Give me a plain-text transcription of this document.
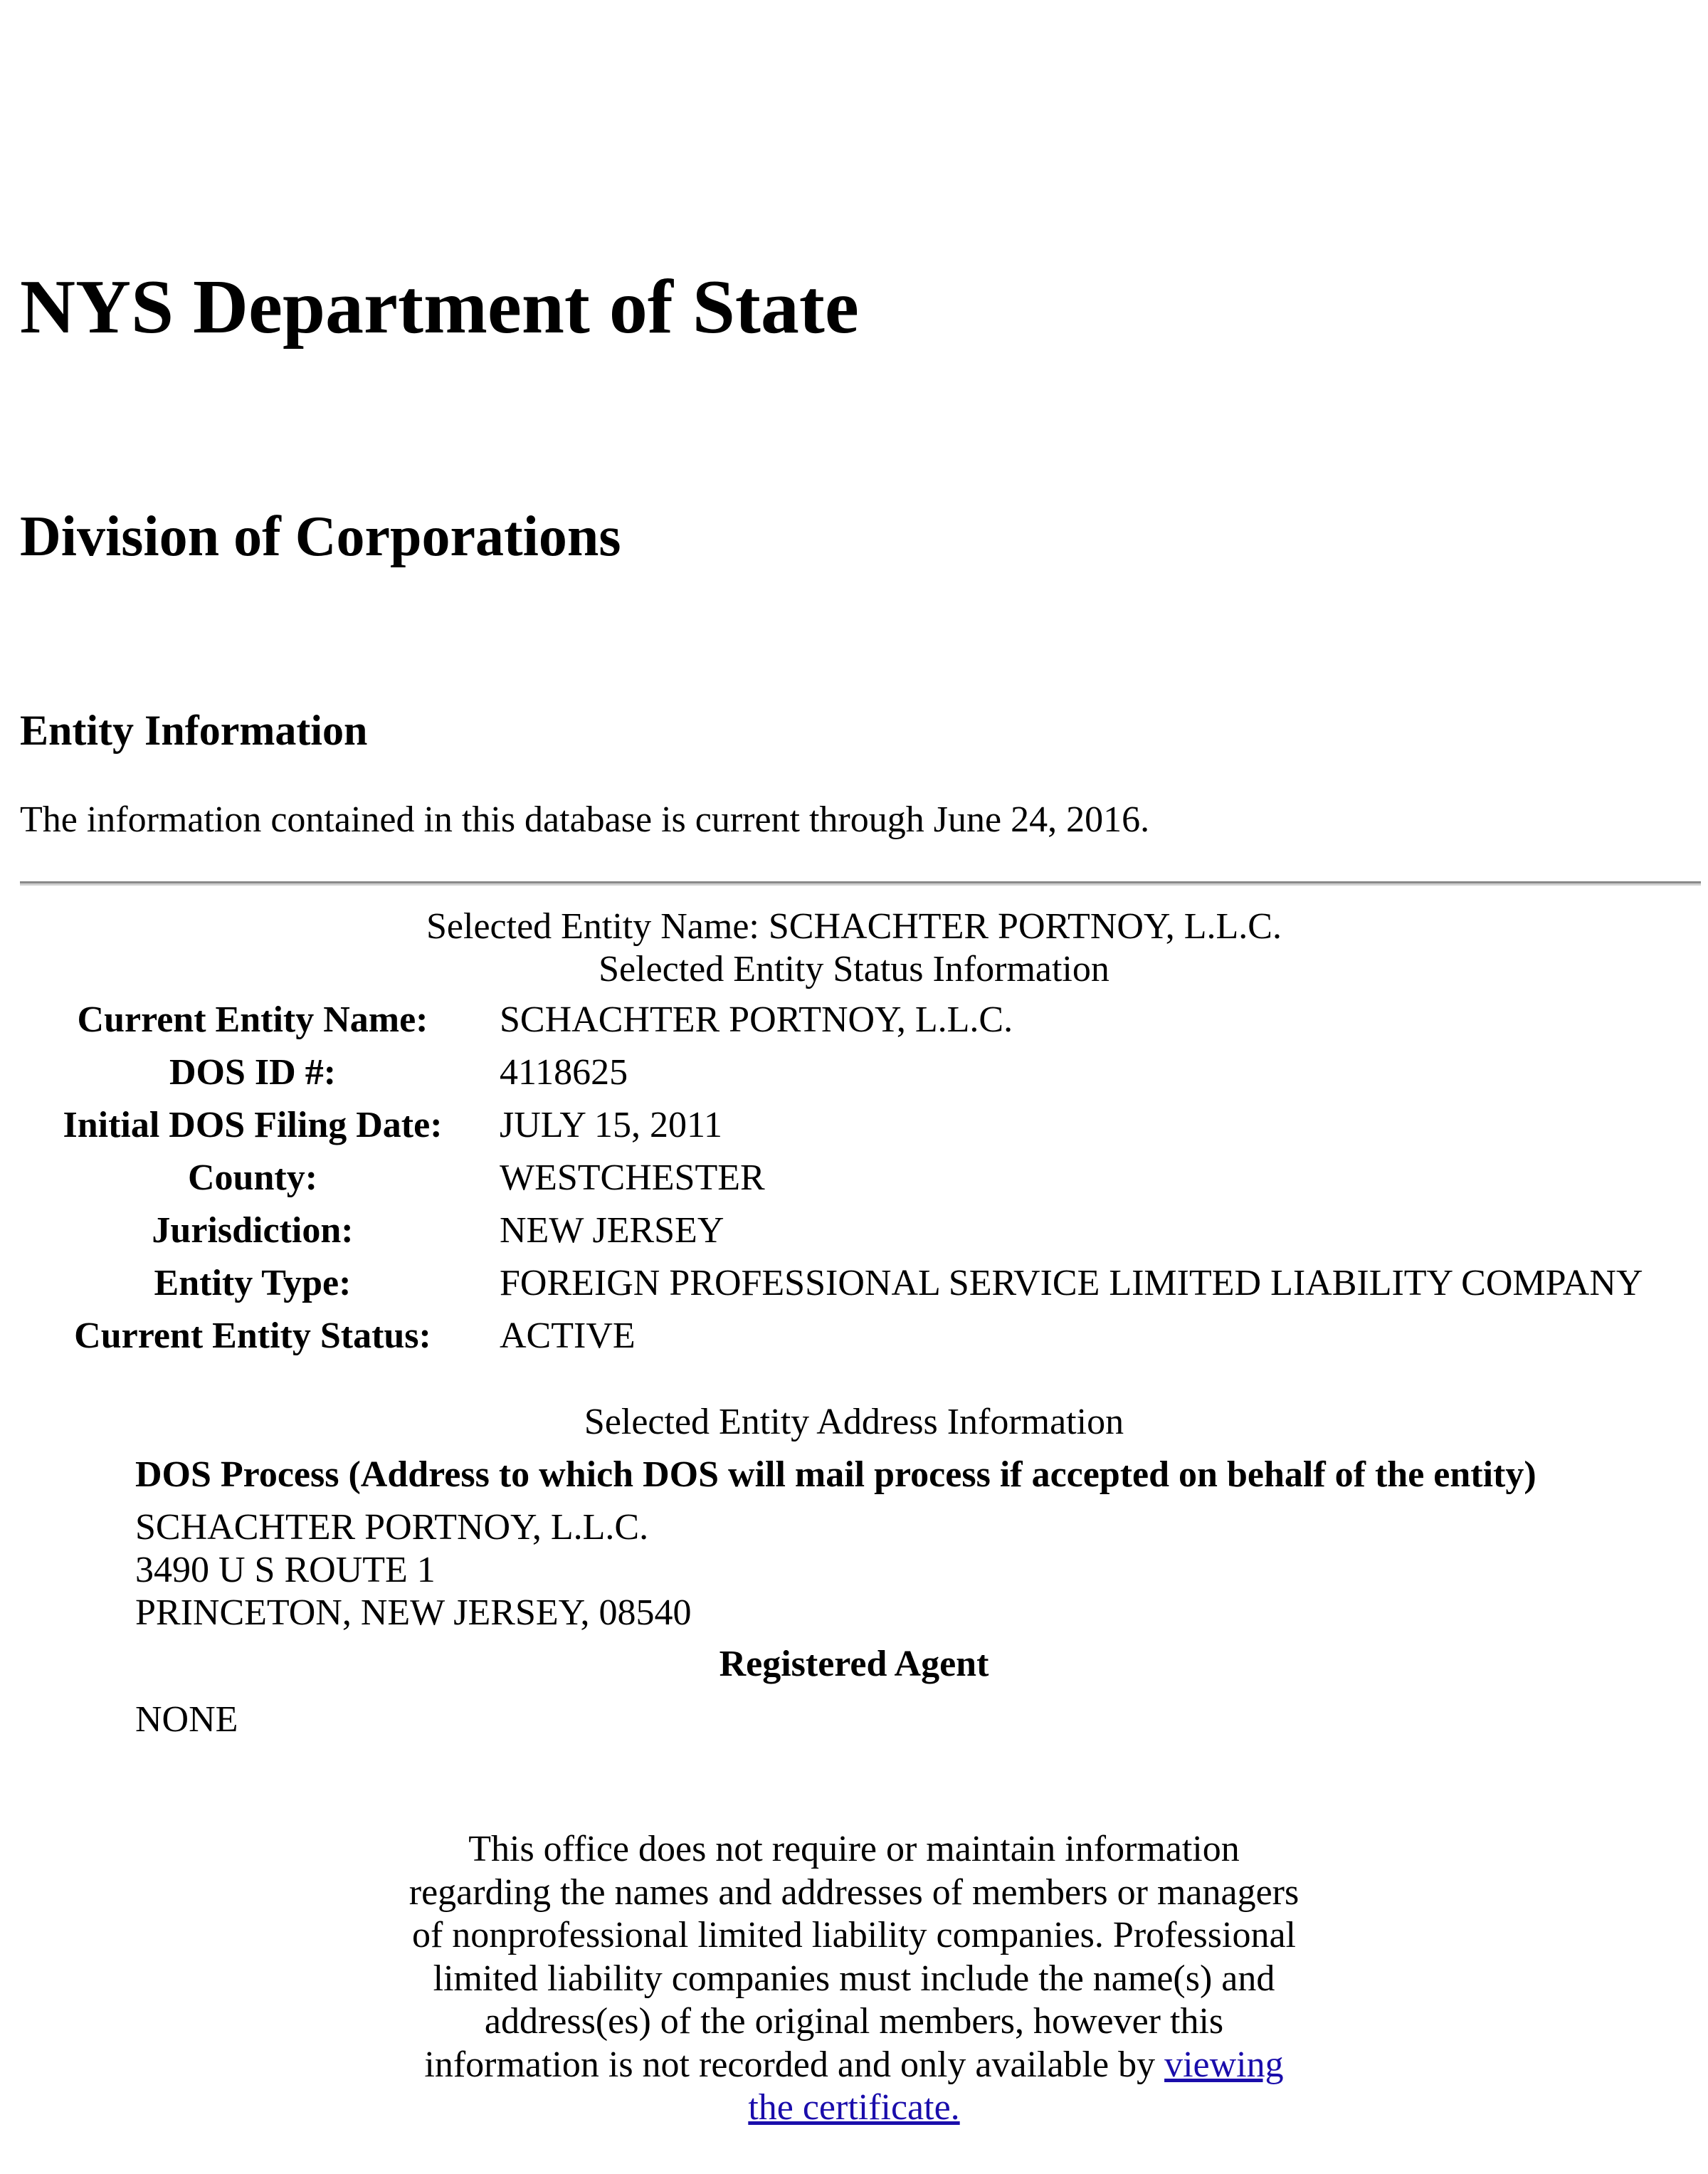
NYS Department of State
Division of Corporations
Entity Information

The information contained in this database is current through June 24, 2016.

Selected Entity Name: SCHACHTER PORTNOY, L.L.C.
Selected Entity Status Information
Current Entity Name:	SCHACHTER PORTNOY, L.L.C.
DOS ID #:	4118625
Initial DOS Filing Date:	JULY 15, 2011
County:	WESTCHESTER
Jurisdiction:	NEW JERSEY
Entity Type:	FOREIGN PROFESSIONAL SERVICE LIMITED LIABILITY COMPANY
Current Entity Status:	ACTIVE
Selected Entity Address Information
DOS Process (Address to which DOS will mail process if accepted on behalf of the entity)
SCHACHTER PORTNOY, L.L.C.
3490 U S ROUTE 1
PRINCETON, NEW JERSEY, 08540
Registered Agent
NONE
This office does not require or maintain information regarding the names and addresses of members or managers of nonprofessional limited liability companies. Professional limited liability companies must include the name(s) and address(es) of the original members, however this information is not recorded and only available by viewing the certificate.
